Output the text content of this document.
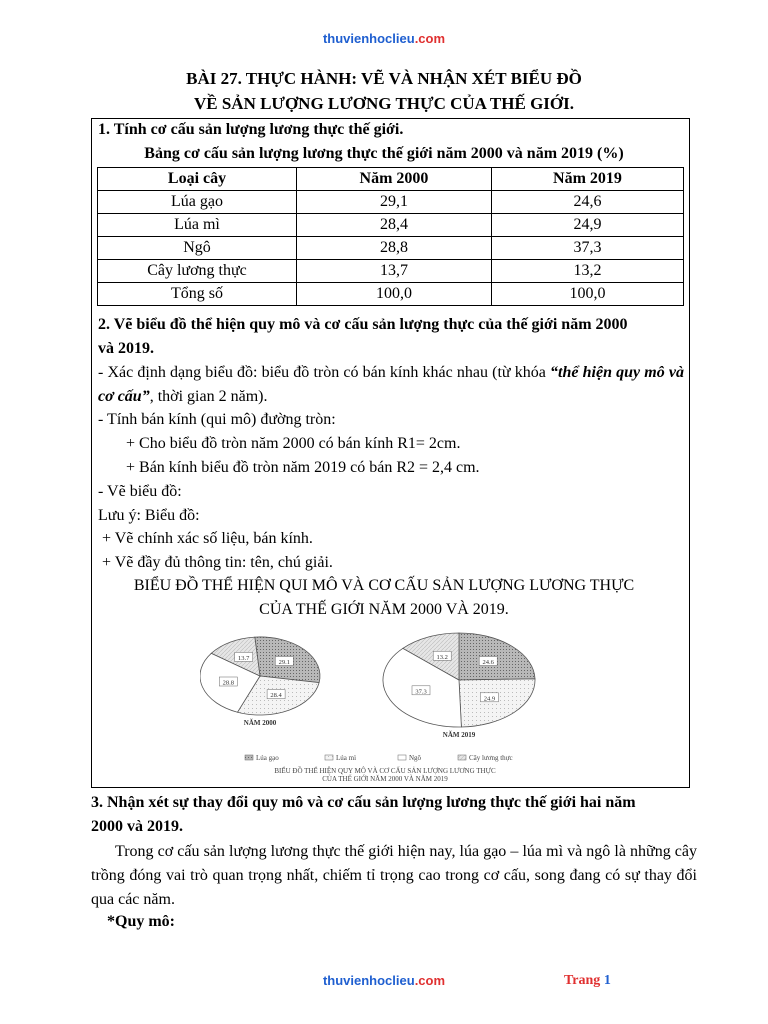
thuvienhoclieu.com
BÀI 27. THỰC HÀNH: VẼ VÀ NHẬN XÉT BIỂU ĐỒ
VỀ SẢN LƯỢNG LƯƠNG THỰC CỦA THẾ GIỚI.
1. Tính cơ cấu sản lượng lương thực thế giới.
Bảng cơ cấu sản lượng lương thực thế giới năm 2000 và năm 2019 (%)
Loại cây	Năm 2000	Năm 2019
Lúa gạo	29,1	24,6
Lúa mì	28,4	24,9
Ngô	28,8	37,3
Cây lương thực	13,7	13,2
Tổng số	100,0	100,0
2. Vẽ biểu đồ thể hiện quy mô và cơ cấu sản lượng thực của thế giới năm 2000
và 2019.
- Xác định dạng biểu đồ: biểu đồ tròn có bán kính khác nhau (từ khóa “thể hiện quy mô và cơ cấu”, thời gian 2 năm).
- Tính bán kính (qui mô) đường tròn:
+ Cho biểu đồ tròn năm 2000 có bán kính R1= 2cm.
+ Bán kính biểu đồ tròn năm 2019 có bán R2 = 2,4 cm.
- Vẽ biểu đồ:
Lưu ý: Biểu đồ:
+ Vẽ chính xác số liệu, bán kính.
+ Vẽ đầy đủ thông tin: tên, chú giải.
BIỂU ĐỒ THỂ HIỆN QUI MÔ VÀ CƠ CẤU SẢN LƯỢNG LƯƠNG THỰC
CỦA THẾ GIỚI NĂM 2000 VÀ 2019.
29.1
28.4
28.8
13.7
NĂM 2000
24.6
24.9
37.3
13.2
NĂM 2019
Lúa gạo	Lúa mì	Ngô	Cây lương thực
BIỂU ĐỒ THỂ HIỆN QUY MÔ VÀ CƠ CẤU SẢN LƯỢNG LƯƠNG THỰC
CỦA THẾ GIỚI NĂM 2000 VÀ NĂM 2019
3. Nhận xét sự thay đổi quy mô và cơ cấu sản lượng lương thực thế giới hai năm
2000 và 2019.
Trong cơ cấu sản lượng lương thực thế giới hiện nay, lúa gạo – lúa mì và ngô là những cây trồng đóng vai trò quan trọng nhất, chiếm tỉ trọng cao trong cơ cấu, song đang có sự thay đổi qua các năm.
*Quy mô:
thuvienhoclieu.com	Trang 1
